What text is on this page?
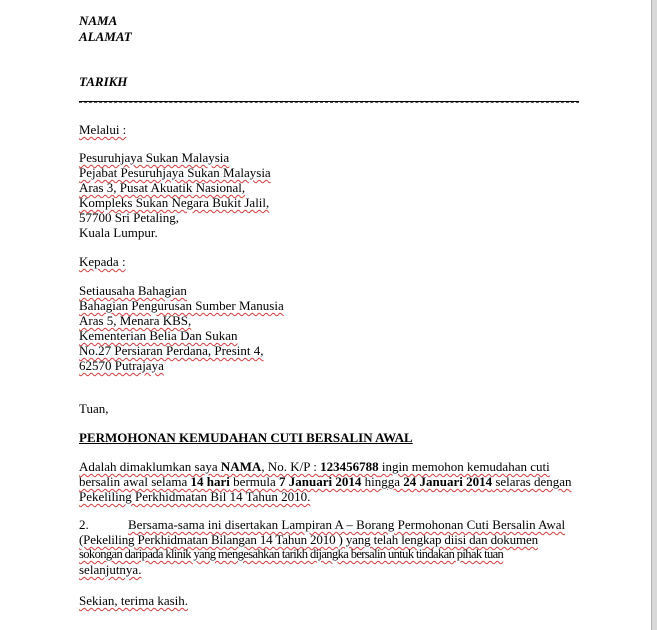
NAMA
ALAMAT
TARIKH
Melalui :
Pesuruhjaya Sukan Malaysia
Pejabat Pesuruhjaya Sukan Malaysia
Aras 3, Pusat Akuatik Nasional,
Kompleks Sukan Negara Bukit Jalil,
57700 Sri Petaling,
Kuala Lumpur.
Kepada :
Setiausaha Bahagian
Bahagian Pengurusan Sumber Manusia
Aras 5, Menara KBS,
Kementerian Belia Dan Sukan
No.27 Persiaran Perdana, Presint 4,
62570 Putrajaya
Tuan,
PERMOHONAN KEMUDAHAN CUTI BERSALIN AWAL
Adalah dimaklumkan saya NAMA, No. K/P : 123456788 ingin memohon kemudahan cuti
bersalin awal selama 14 hari bermula 7 Januari 2014 hingga 24 Januari 2014 selaras dengan
Pekeliling Perkhidmatan Bil 14 Tahun 2010.
2.	Bersama-sama ini disertakan Lampiran A – Borang Permohonan Cuti Bersalin Awal
(Pekeliling Perkhidmatan Bilangan 14 Tahun 2010 ) yang telah lengkap diisi dan dokumen
sokongan daripada klinik yang mengesahkan tarikh dijangka bersalin untuk tindakan pihak tuan
selanjutnya.
Sekian, terima kasih.
